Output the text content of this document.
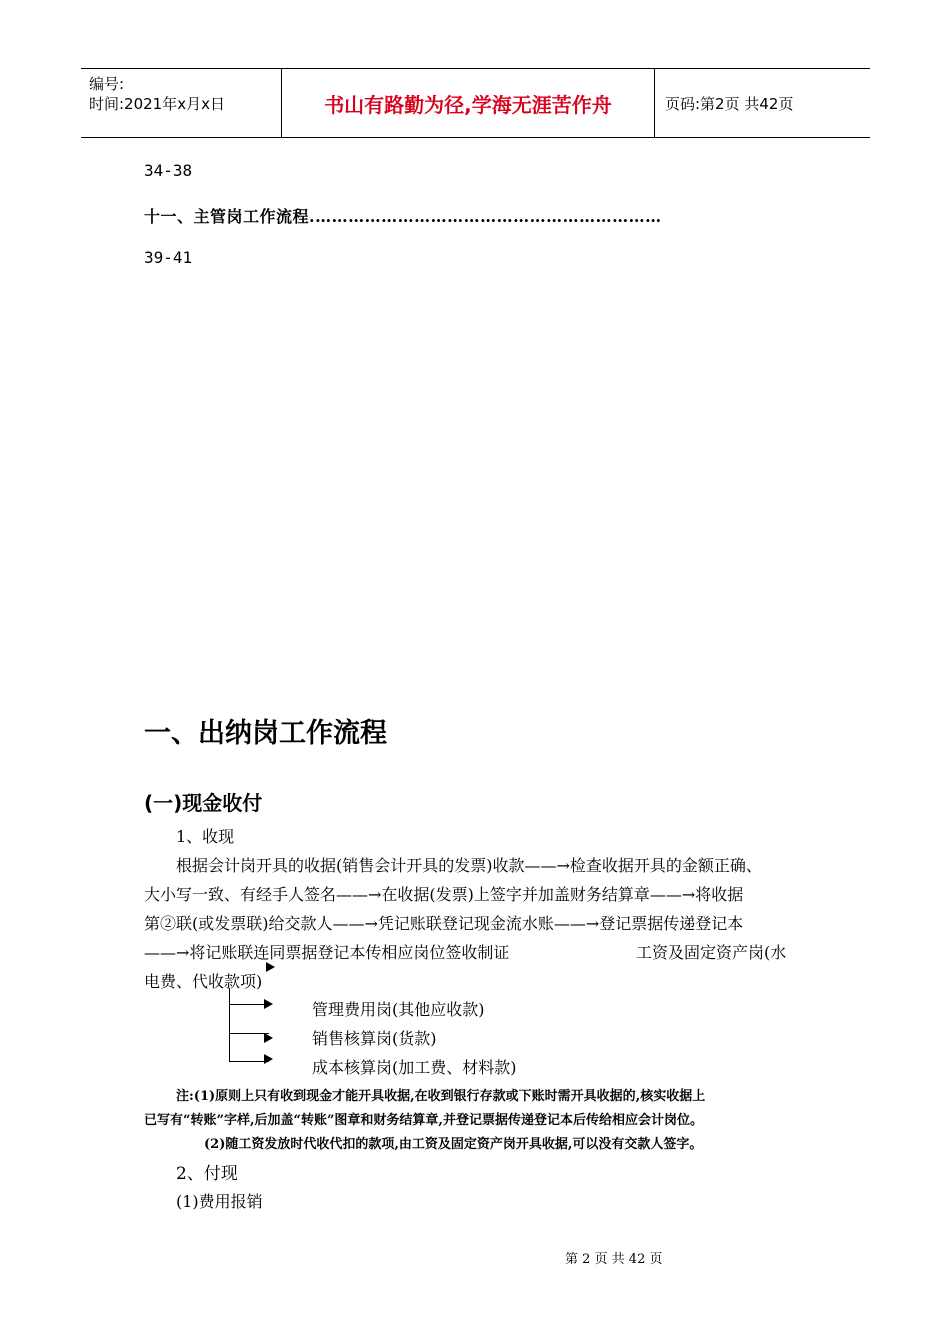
编号:
时间:2021年x月x日	书山有路勤为径,学海无涯苦作舟	页码:第2页 共42页
34-38
十一、主管岗工作流程.………………………………………………………
39-41
一、出纳岗工作流程
(一)现金收付
1、收现
根据会计岗开具的收据(销售会计开具的发票)收款——→检查收据开具的金额正确、
大小写一致、有经手人签名——→在收据(发票)上签字并加盖财务结算章——→将收据
第②联(或发票联)给交款人——→凭记账联登记现金流水账——→登记票据传递登记本
——→将记账联连同票据登记本传相应岗位签收制证	工资及固定资产岗(水
电费、代收款项)
管理费用岗(其他应收款)
销售核算岗(货款)
成本核算岗(加工费、材料款)
注:(1)原则上只有收到现金才能开具收据,在收到银行存款或下账时需开具收据的,核实收据上
已写有“转账”字样,后加盖“转账”图章和财务结算章,并登记票据传递登记本后传给相应会计岗位。
(2)随工资发放时代收代扣的款项,由工资及固定资产岗开具收据,可以没有交款人签字。
2、付现
(1)费用报销
第 2 页 共 42 页
